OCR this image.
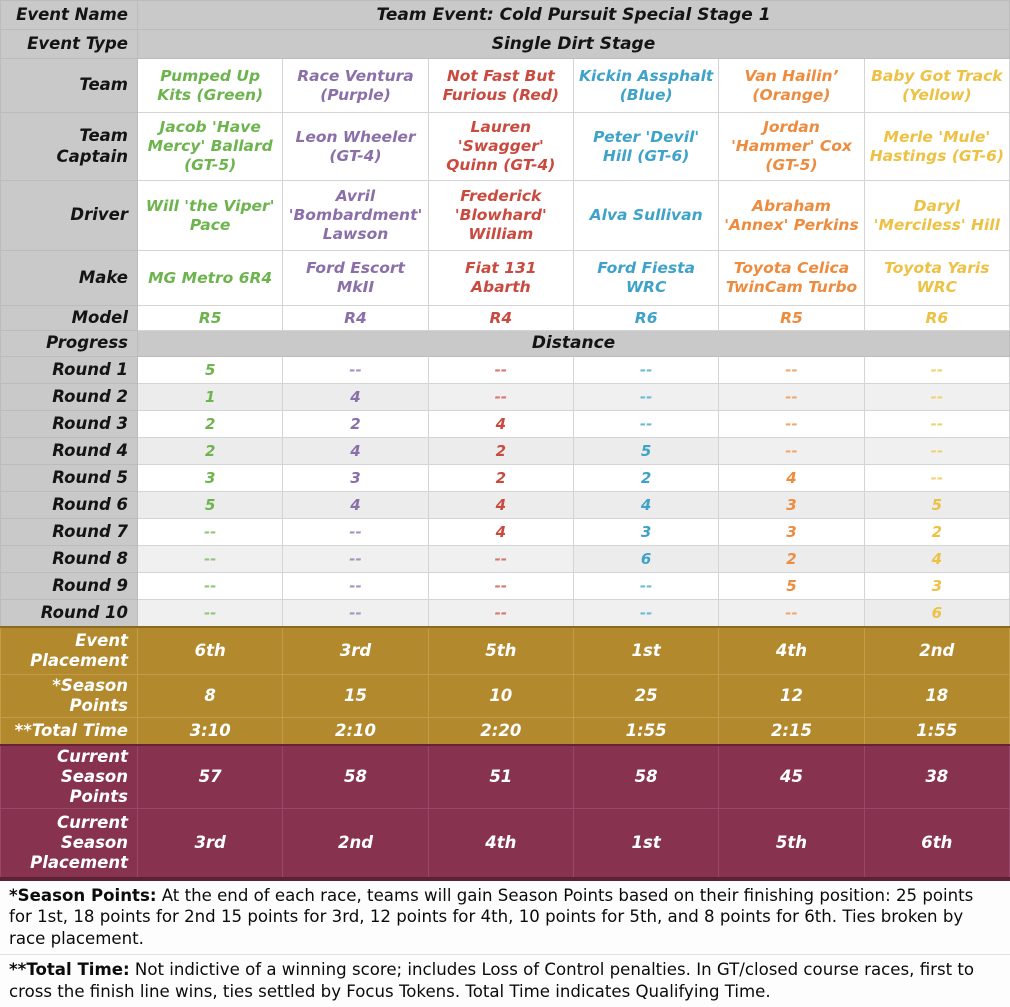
Event Name	Team Event: Cold Pursuit Special Stage 1					
Event Type	Single Dirt Stage					
Team	Pumped Up Kits (Green)	Race Ventura (Purple)	Not Fast But Furious (Red)	Kickin Assphalt (Blue)	Van Hailin’ (Orange)	Baby Got Track (Yellow)
Team Captain	Jacob 'Have Mercy' Ballard (GT-5)	Leon Wheeler (GT-4)	Lauren 'Swagger' Quinn (GT-4)	Peter 'Devil' Hill (GT-6)	Jordan 'Hammer' Cox (GT-5)	Merle 'Mule' Hastings (GT-6)
Driver	Will 'the Viper' Pace	Avril 'Bombardment' Lawson	Frederick 'Blowhard' William	Alva Sullivan	Abraham 'Annex' Perkins	Daryl 'Merciless' Hill
Make	MG Metro 6R4	Ford Escort MkII	Fiat 131 Abarth	Ford Fiesta WRC	Toyota Celica TwinCam Turbo	Toyota Yaris WRC
Model	R5	R4	R4	R6	R5	R6
Progress	Distance					
Round 1	5	--	--	--	--	--
Round 2	1	4	--	--	--	--
Round 3	2	2	4	--	--	--
Round 4	2	4	2	5	--	--
Round 5	3	3	2	2	4	--
Round 6	5	4	4	4	3	5
Round 7	--	--	4	3	3	2
Round 8	--	--	--	6	2	4
Round 9	--	--	--	--	5	3
Round 10	--	--	--	--	--	6
Event Placement	6th	3rd	5th	1st	4th	2nd
*Season Points	8	15	10	25	12	18
**Total Time	3:10	2:10	2:20	1:55	2:15	1:55
Current Season Points	57	58	51	58	45	38
Current Season Placement	3rd	2nd	4th	1st	5th	6th
*Season Points: At the end of each race, teams will gain Season Points based on their finishing position: 25 points for 1st, 18 points for 2nd 15 points for 3rd, 12 points for 4th, 10 points for 5th, and 8 points for 6th. Ties broken by race placement.
**Total Time: Not indictive of a winning score; includes Loss of Control penalties. In GT/closed course races, first to cross the finish line wins, ties settled by Focus Tokens. Total Time indicates Qualifying Time.
